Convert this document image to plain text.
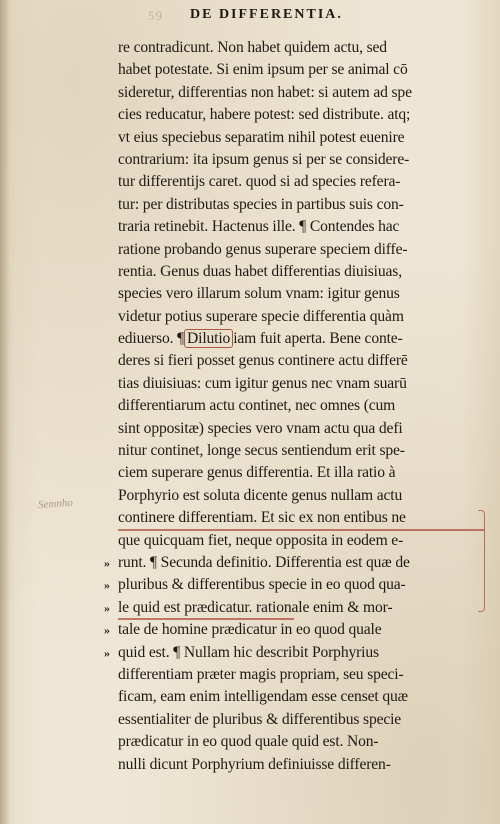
59 DE DIFFERENTIA.
Semnho
re contradicunt. Non habet quidem actu, sed
habet potestate. Si enim ipsum per se animal cō
sideretur, differentias non habet: si autem ad spe
cies reducatur, habere potest: sed distribute. atq;
vt eius speciebus separatim nihil potest euenire
contrarium: ita ipsum genus si per se considere-
tur differentijs caret. quod si ad species refera-
tur: per distributas species in partibus suis con-
traria retinebit. Hactenus ille. ¶ Contendes hac
ratione probando genus superare speciem diffe-
rentia. Genus duas habet differentias diuisiuas,
species vero illarum solum vnam: igitur genus
videtur potius superare specie differentia quàm
ediuerso. ¶Dilutioiam fuit aperta. Bene conte-
deres si fieri posset genus continere actu differē
tias diuisiuas: cum igitur genus nec vnam suarū
differentiarum actu continet, nec omnes (cum
sint oppositæ) species vero vnam actu qua defi
nitur continet, longe secus sentiendum erit spe-
ciem superare genus differentia. Et illa ratio à
Porphyrio est soluta dicente genus nullam actu
continere differentiam. Et sic ex non entibus ne
que quicquam fiet, neque opposita in eodem e-
» runt. ¶ Secunda definitio. Differentia est quæ de
» pluribus & differentibus specie in eo quod qua-
» le quid est prædicatur. rationale enim & mor-
» tale de homine prædicatur in eo quod quale
» quid est. ¶ Nullam hic describit Porphyrius
differentiam præter magis propriam, seu speci-
ficam, eam enim intelligendam esse censet quæ
essentialiter de pluribus & differentibus specie
prædicatur in eo quod quale quid est. Non-
nulli dicunt Porphyrium definiuisse differen-
